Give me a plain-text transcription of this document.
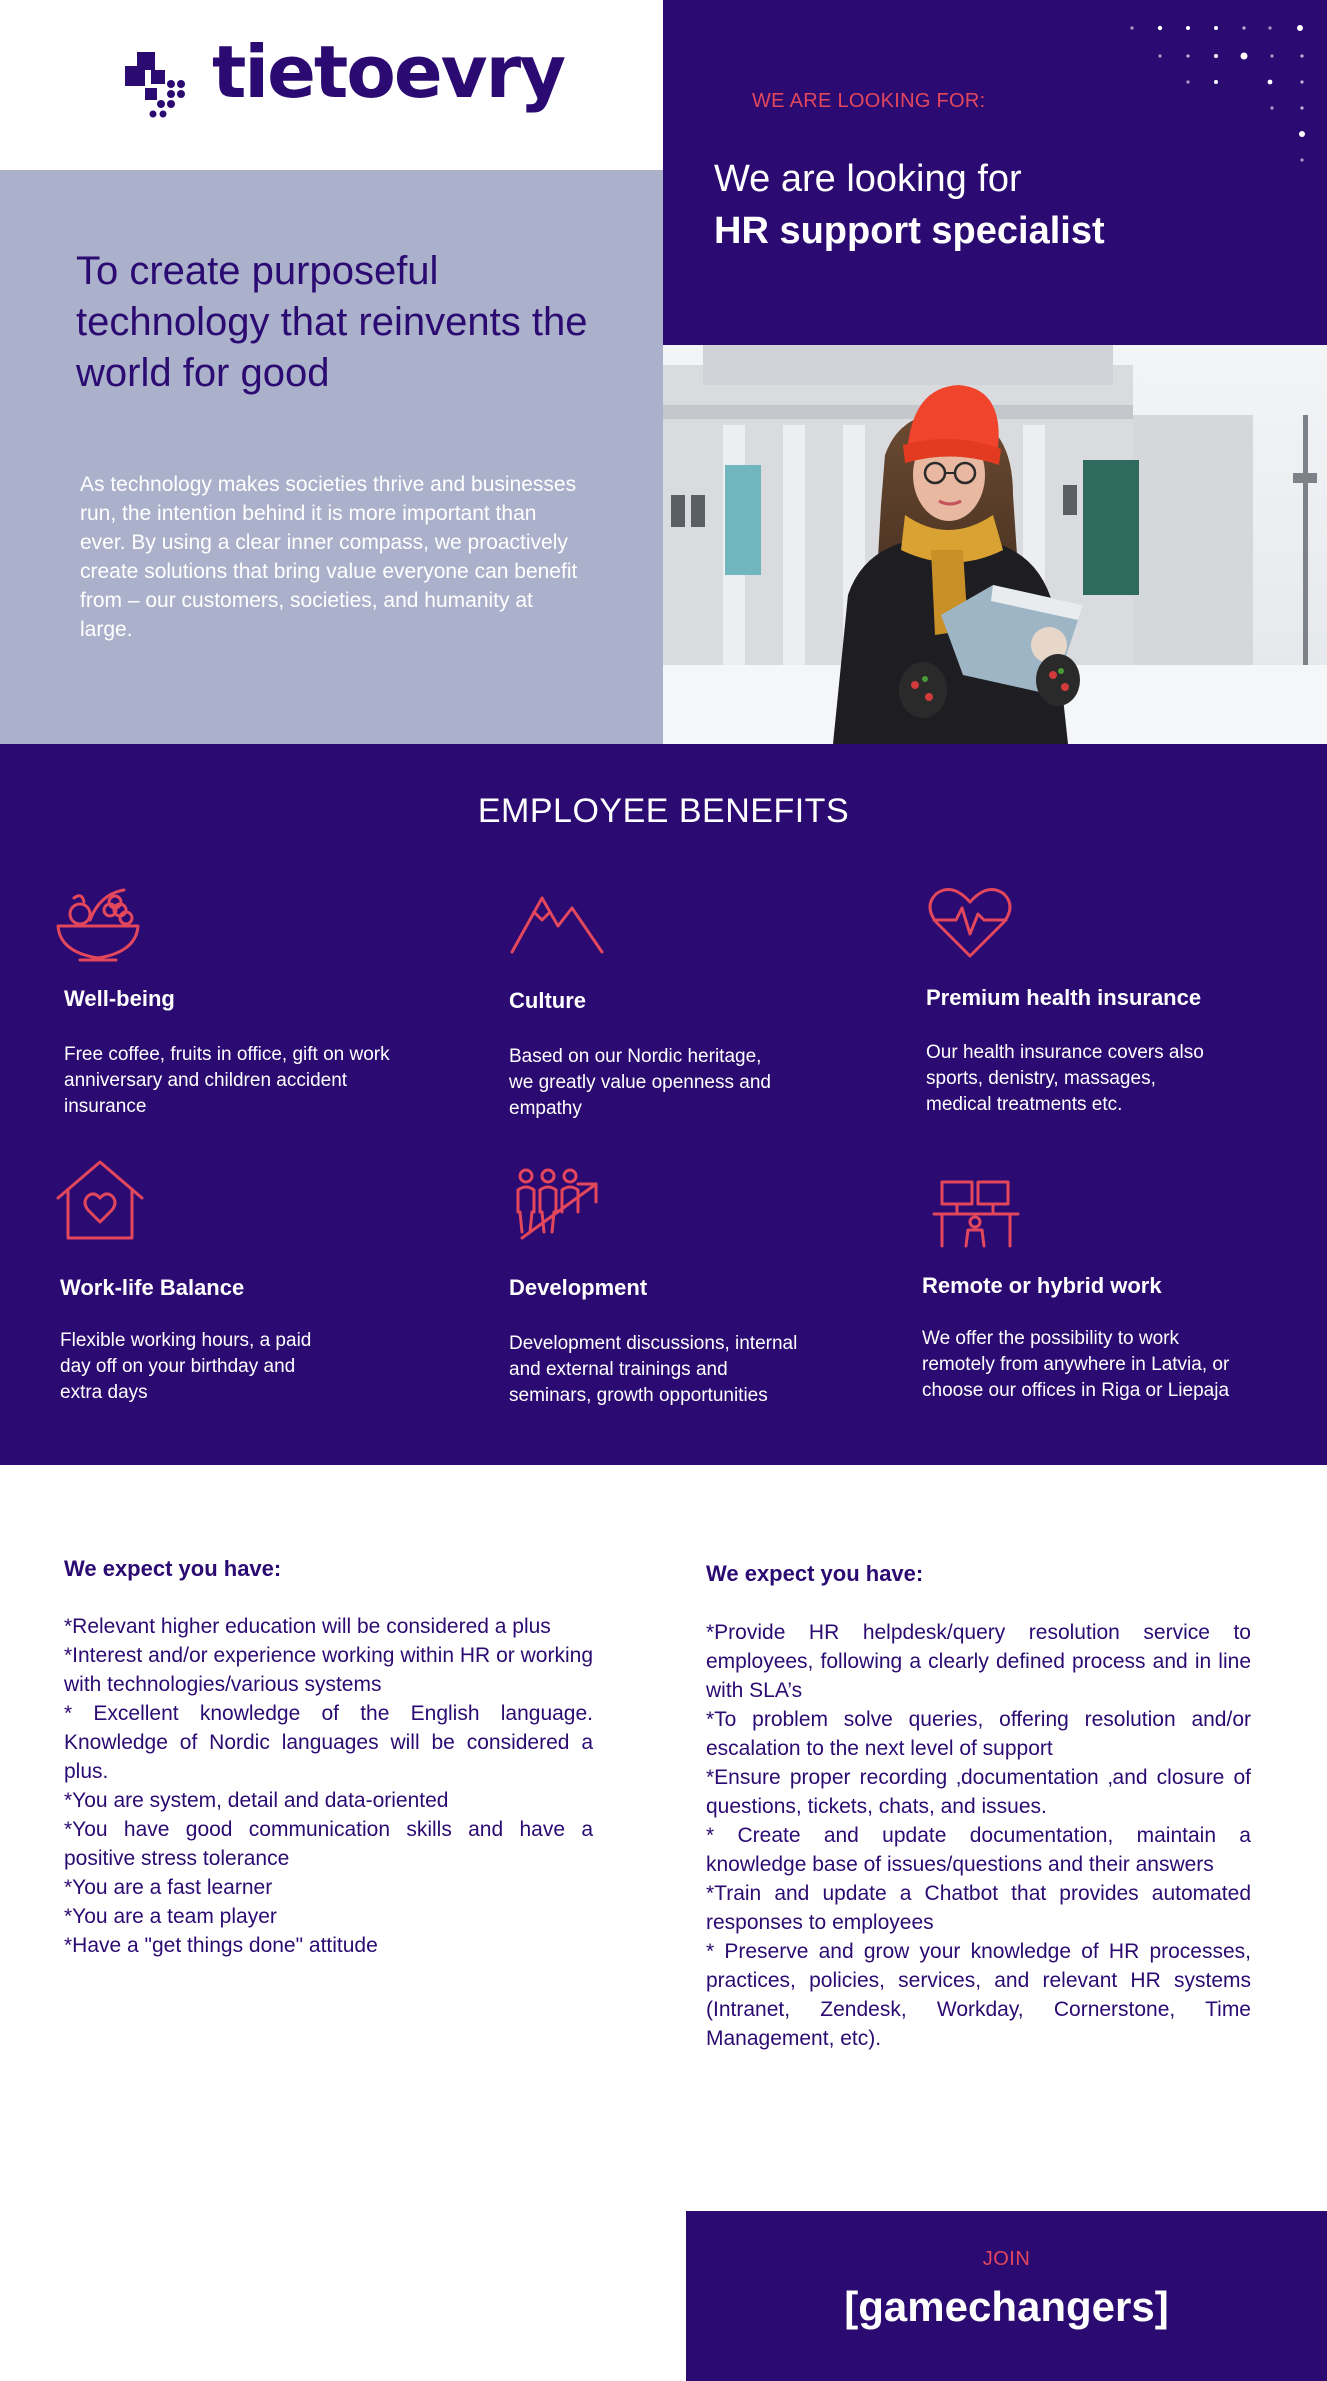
tietoevry
To create purposeful technology that reinvents the world for good
As technology makes societies thrive and businesses run, the intention behind it is more important than ever. By using a clear inner compass, we proactively create solutions that bring value everyone can benefit from – our customers, societies, and humanity at large.
WE ARE LOOKING FOR:
We are looking for
HR support specialist
EMPLOYEE BENEFITS
Well-being
Free coffee, fruits in office, gift on work anniversary and children accident insurance
Culture
Based on our Nordic heritage, we greatly value openness and empathy
Premium health insurance
Our health insurance covers also sports, denistry, massages, medical treatments etc.
Work-life Balance
Flexible working hours, a paid day off on your birthday and extra days
Development
Development discussions, internal and external trainings and seminars, growth opportunities
Remote or hybrid work
We offer the possibility to work remotely from anywhere in Latvia, or choose our offices in Riga or Liepaja
We expect you have:
*Relevant higher education will be considered a plus
*Interest and/or experience working within HR or working with technologies/various systems
* Excellent knowledge of the English language. Knowledge of Nordic languages will be considered a plus.
*You are system, detail and data-oriented
*You have good communication skills and have a positive stress tolerance
*You are a fast learner
*You are a team player
*Have a "get things done" attitude
We expect you have:
*Provide HR helpdesk/query resolution service to employees, following a clearly defined process and in line with SLA’s
*To problem solve queries, offering resolution and/or escalation to the next level of support
*Ensure proper recording ‚documentation ‚and closure of questions, tickets, chats, and issues.
* Create and update documentation, maintain a knowledge base of issues/questions and their answers
*Train and update a Chatbot that provides automated responses to employees
* Preserve and grow your knowledge of HR processes, practices, policies, services, and relevant HR systems (Intranet, Zendesk, Workday, Cornerstone, Time Management, etc).
JOIN
[gamechangers]
